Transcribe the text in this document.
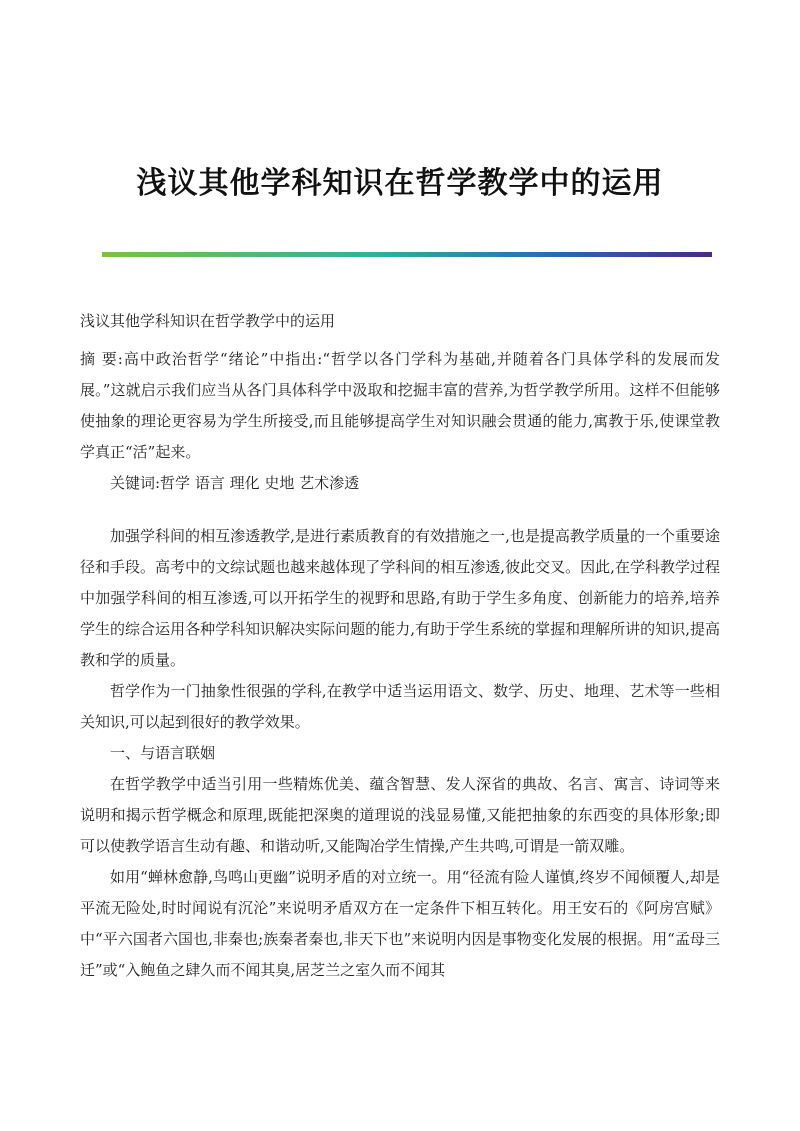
浅议其他学科知识在哲学教学中的运用
浅议其他学科知识在哲学教学中的运用

摘 要:高中政治哲学“绪论”中指出:“哲学以各门学科为基础,并随着各门具体学科的发展而发展。”这就启示我们应当从各门具体科学中汲取和挖掘丰富的营养,为哲学教学所用。这样不但能够使抽象的理论更容易为学生所接受,而且能够提高学生对知识融会贯通的能力,寓教于乐,使课堂教学真正“活”起来。

关键词:哲学 语言 理化 史地 艺术渗透

加强学科间的相互渗透教学,是进行素质教育的有效措施之一,也是提高教学质量的一个重要途径和手段。高考中的文综试题也越来越体现了学科间的相互渗透,彼此交叉。因此,在学科教学过程中加强学科间的相互渗透,可以开拓学生的视野和思路,有助于学生多角度、创新能力的培养,培养学生的综合运用各种学科知识解决实际问题的能力,有助于学生系统的掌握和理解所讲的知识,提高教和学的质量。

哲学作为一门抽象性很强的学科,在教学中适当运用语文、数学、历史、地理、艺术等一些相关知识,可以起到很好的教学效果。

一、与语言联姻

在哲学教学中适当引用一些精炼优美、蕴含智慧、发人深省的典故、名言、寓言、诗词等来说明和揭示哲学概念和原理,既能把深奥的道理说的浅显易懂,又能把抽象的东西变的具体形象;即可以使教学语言生动有趣、和谐动听,又能陶冶学生情操,产生共鸣,可谓是一箭双雕。

如用“蝉林愈静,鸟鸣山更幽”说明矛盾的对立统一。用“径流有险人谨慎,终岁不闻倾覆人,却是平流无险处,时时闻说有沉沦”来说明矛盾双方在一定条件下相互转化。用王安石的《阿房宫赋》中“平六国者六国也,非秦也;族秦者秦也,非天下也”来说明内因是事物变化发展的根据。用“孟母三迁”或“入鲍鱼之肆久而不闻其臭,居芝兰之室久而不闻其
